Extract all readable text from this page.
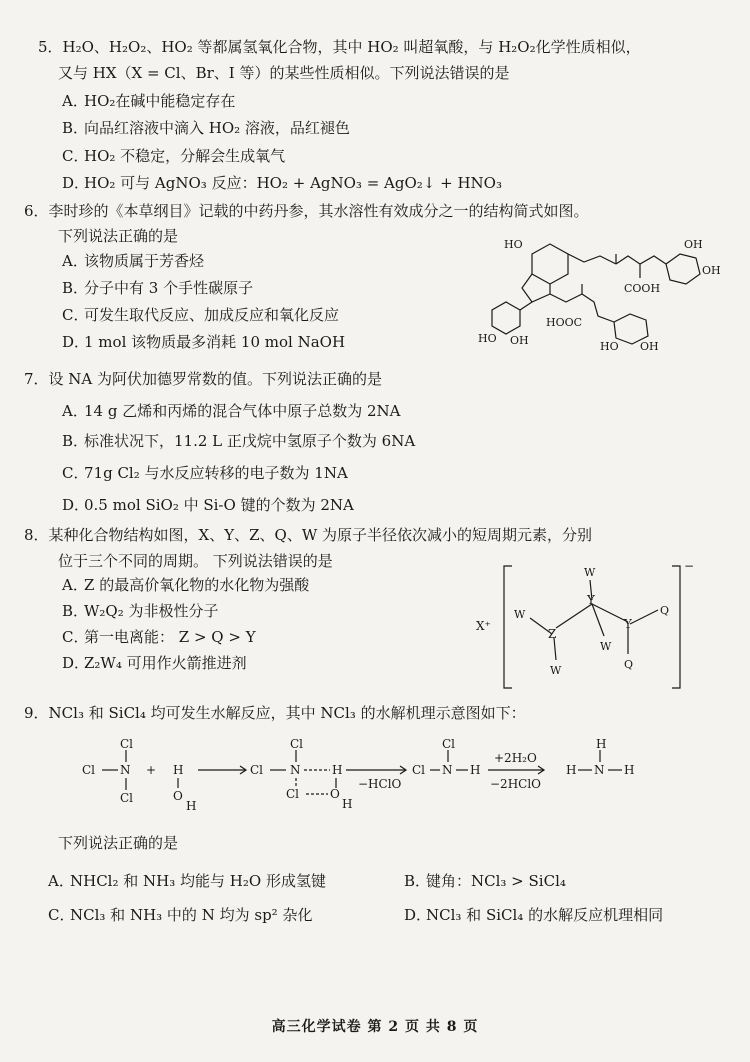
5．H₂O、H₂O₂、HO₂ 等都属氢氧化合物，其中 HO₂ 叫超氧酸，与 H₂O₂化学性质相似，
又与 HX（X = Cl、Br、I 等）的某些性质相似。下列说法错误的是
A．HO₂在碱中能稳定存在
B．向品红溶液中滴入 HO₂ 溶液，品红褪色
C．HO₂ 不稳定，分解会生成氧气
D．HO₂ 可与 AgNO₃ 反应：HO₂ + AgNO₃ = AgO₂↓ + HNO₃
6．李时珍的《本草纲目》记载的中药丹参，其水溶性有效成分之一的结构简式如图。
下列说法正确的是
A．该物质属于芳香烃
B．分子中有 3 个手性碳原子
C．可发生取代反应、加成反应和氧化反应
D．1 mol 该物质最多消耗 10 mol NaOH
HO	OH
OH
COOH
HOOC
HO OH	HO OH
7．设 NA 为阿伏加德罗常数的值。下列说法正确的是
A．14 g 乙烯和丙烯的混合气体中原子总数为 2NA
B．标准状况下，11.2 L 正戊烷中氢原子个数为 6NA
C．71g Cl₂ 与水反应转移的电子数为 1NA
D．0.5 mol SiO₂ 中 Si-O 键的个数为 2NA
8．某种化合物结构如图，X、Y、Z、Q、W 为原子半径依次减小的短周期元素，分别
位于三个不同的周期。 下列说法错误的是
A．Z 的最高价氧化物的水化物为强酸
B．W₂Q₂ 为非极性分子
C．第一电离能： Z > Q > Y
D．Z₂W₄ 可用作火箭推进剂
W
Y
W
Z
Y
Q
W
Q
W
X⁺
−
9．NCl₃ 和 SiCl₄ 均可发生水解反应，其中 NCl₃ 的水解机理示意图如下：
Cl
Cl N
Cl
+ H
O
H
Cl
Cl N	H
Cl	O
H
−HClO
Cl
Cl N H
+2H₂O
−2HClO
H
H N H
下列说法正确的是
A．NHCl₂ 和 NH₃ 均能与 H₂O 形成氢键	B．键角：NCl₃ > SiCl₄
C．NCl₃ 和 NH₃ 中的 N 均为 sp² 杂化	D．NCl₃ 和 SiCl₄ 的水解反应机理相同
高三化学试卷 第 2 页 共 8 页
